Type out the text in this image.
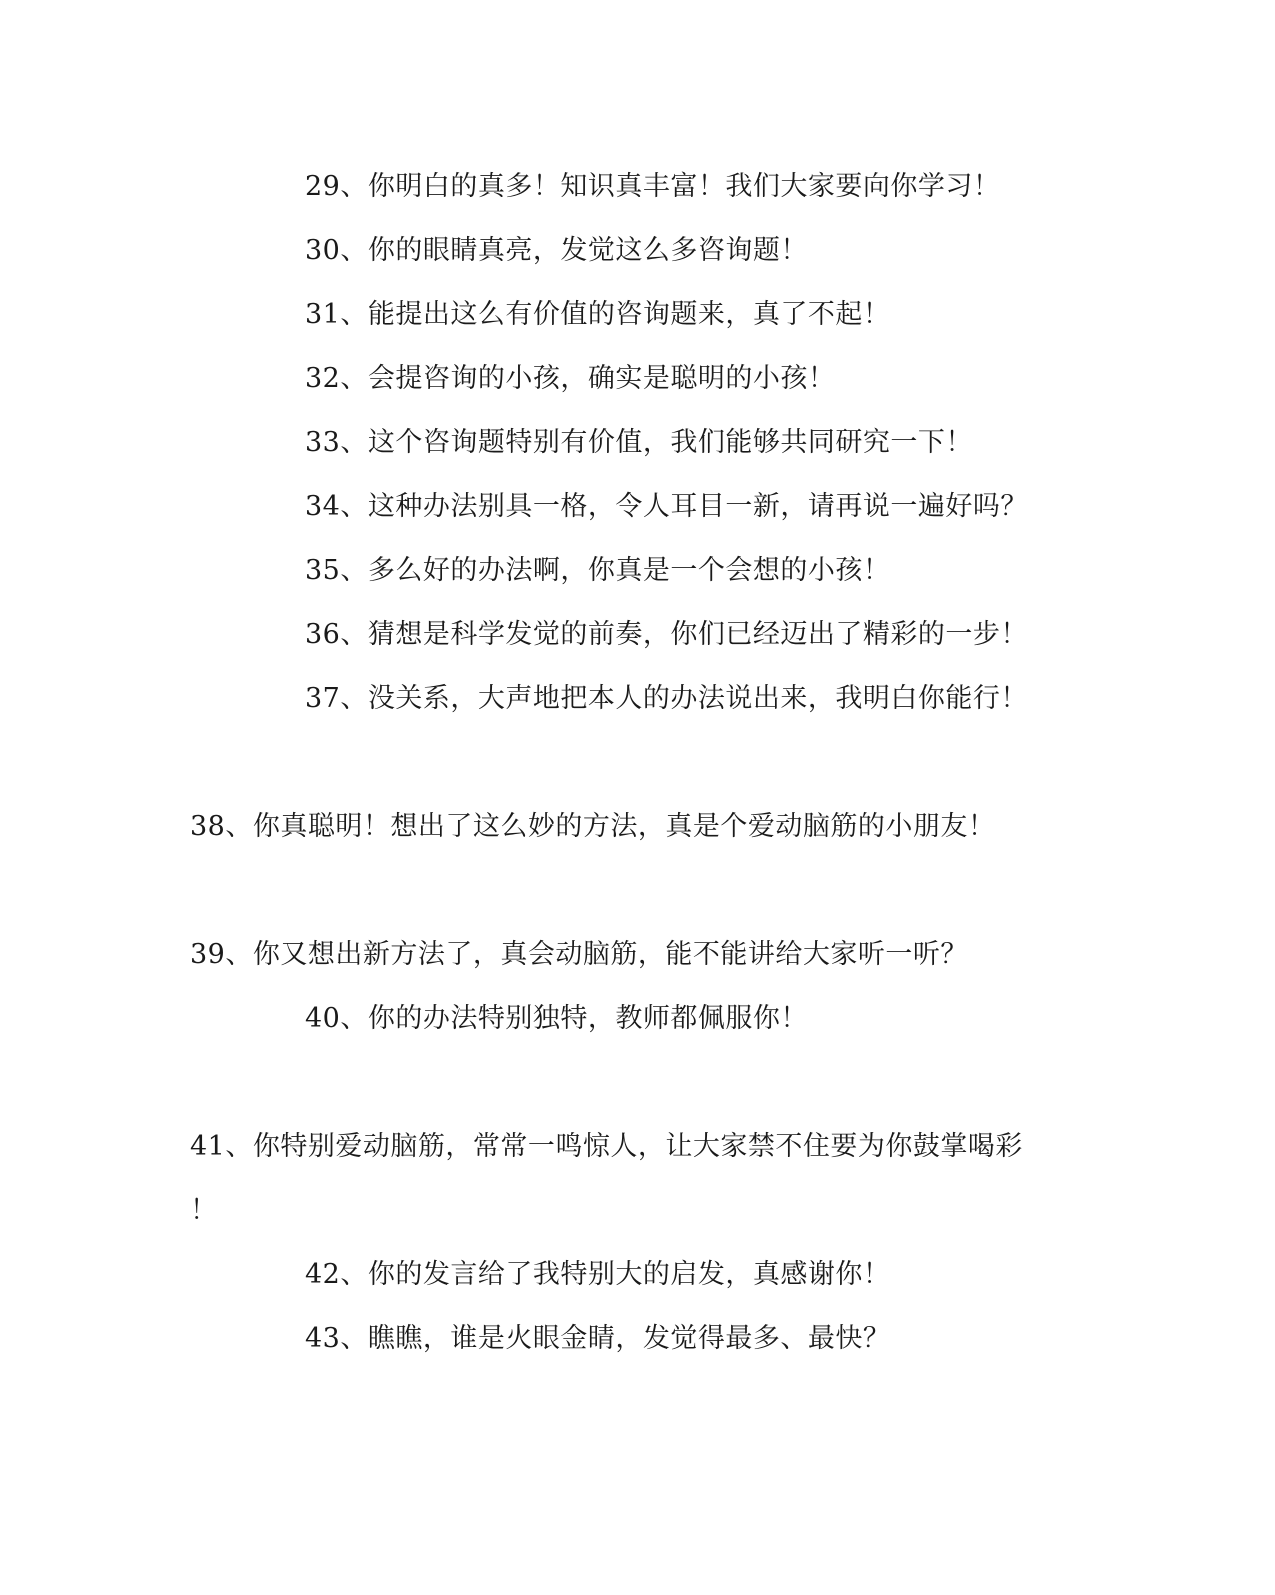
29、你明白的真多！知识真丰富！我们大家要向你学习！
30、你的眼睛真亮，发觉这么多咨询题！
31、能提出这么有价值的咨询题来，真了不起！
32、会提咨询的小孩，确实是聪明的小孩！
33、这个咨询题特别有价值，我们能够共同研究一下！
34、这种办法别具一格，令人耳目一新，请再说一遍好吗？
35、多么好的办法啊，你真是一个会想的小孩！
36、猜想是科学发觉的前奏，你们已经迈出了精彩的一步！
37、没关系，大声地把本人的办法说出来，我明白你能行！
38、你真聪明！想出了这么妙的方法，真是个爱动脑筋的小朋友！
39、你又想出新方法了，真会动脑筋，能不能讲给大家听一听？
40、你的办法特别独特，教师都佩服你！
41、你特别爱动脑筋，常常一鸣惊人，让大家禁不住要为你鼓掌喝彩
！
42、你的发言给了我特别大的启发，真感谢你！
43、瞧瞧，谁是火眼金睛，发觉得最多、最快？
